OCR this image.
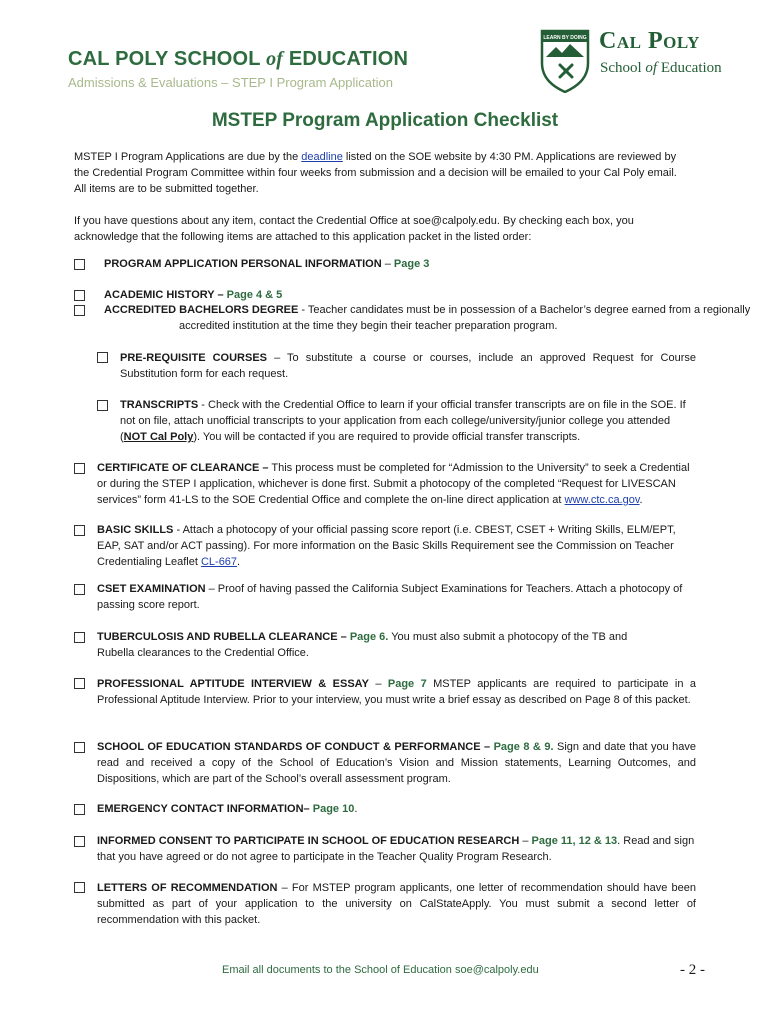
CAL POLY SCHOOL of EDUCATION
Admissions & Evaluations – STEP I Program Application
LEARN BY DOING Cal Poly
School of Education
MSTEP Program Application Checklist
MSTEP I Program Applications are due by the deadline listed on the SOE website by 4:30 PM. Applications are reviewed by the Credential Program Committee within four weeks from submission and a decision will be emailed to your Cal Poly email. All items are to be submitted together.
If you have questions about any item, contact the Credential Office at soe@calpoly.edu. By checking each box, you acknowledge that the following items are attached to this application packet in the listed order:
PROGRAM APPLICATION PERSONAL INFORMATION – Page 3
ACADEMIC HISTORY – Page 4 & 5
ACCREDITED BACHELORS DEGREE - Teacher candidates must be in possession of a Bachelor’s degree earned from a regionally accredited institution at the time they begin their teacher preparation program.
PRE-REQUISITE COURSES – To substitute a course or courses, include an approved Request for Course Substitution form for each request.
TRANSCRIPTS - Check with the Credential Office to learn if your official transfer transcripts are on file in the SOE. If not on file, attach unofficial transcripts to your application from each college/university/junior college you attended (NOT Cal Poly). You will be contacted if you are required to provide official transfer transcripts.
CERTIFICATE OF CLEARANCE – This process must be completed for “Admission to the University” to seek a Credential or during the STEP I application, whichever is done first. Submit a photocopy of the completed “Request for LIVESCAN services” form 41-LS to the SOE Credential Office and complete the on-line direct application at www.ctc.ca.gov.
BASIC SKILLS - Attach a photocopy of your official passing score report (i.e. CBEST, CSET + Writing Skills, ELM/EPT, EAP, SAT and/or ACT passing). For more information on the Basic Skills Requirement see the Commission on Teacher Credentialing Leaflet CL-667.
CSET EXAMINATION – Proof of having passed the California Subject Examinations for Teachers. Attach a photocopy of passing score report.
TUBERCULOSIS AND RUBELLA CLEARANCE – Page 6. You must also submit a photocopy of the TB and Rubella clearances to the Credential Office.
PROFESSIONAL APTITUDE INTERVIEW & ESSAY – Page 7 MSTEP applicants are required to participate in a Professional Aptitude Interview. Prior to your interview, you must write a brief essay as described on Page 8 of this packet.
SCHOOL OF EDUCATION STANDARDS OF CONDUCT & PERFORMANCE – Page 8 & 9. Sign and date that you have read and received a copy of the School of Education’s Vision and Mission statements, Learning Outcomes, and Dispositions, which are part of the School’s overall assessment program.
EMERGENCY CONTACT INFORMATION– Page 10.
INFORMED CONSENT TO PARTICIPATE IN SCHOOL OF EDUCATION RESEARCH – Page 11, 12 & 13. Read and sign that you have agreed or do not agree to participate in the Teacher Quality Program Research.
LETTERS OF RECOMMENDATION – For MSTEP program applicants, one letter of recommendation should have been submitted as part of your application to the university on CalStateApply. You must submit a second letter of recommendation with this packet.
Email all documents to the School of Education soe@calpoly.edu	- 2 -
